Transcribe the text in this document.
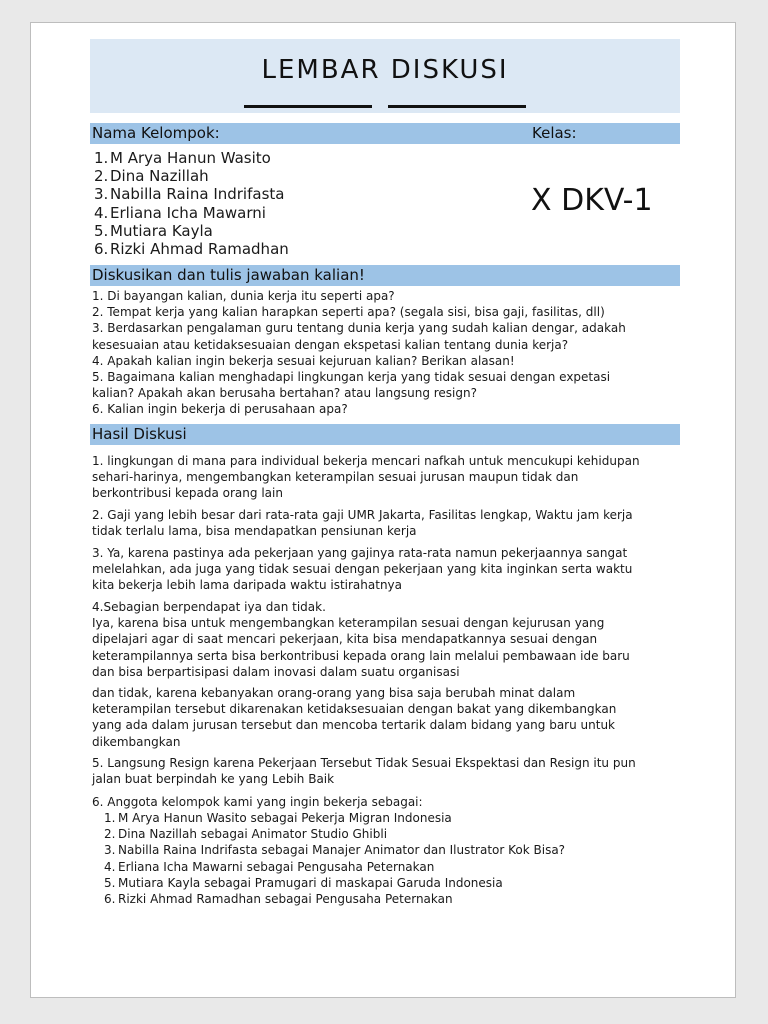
LEMBAR DISKUSI
Nama Kelompok:	Kelas:
1. M Arya Hanun Wasito
2. Dina Nazillah
3. Nabilla Raina Indrifasta
4. Erliana Icha Mawarni
5. Mutiara Kayla
6. Rizki Ahmad Ramadhan
X DKV-1
Diskusikan dan tulis jawaban kalian!
1. Di bayangan kalian, dunia kerja itu seperti apa?
2. Tempat kerja yang kalian harapkan seperti apa? (segala sisi, bisa gaji, fasilitas, dll)
3. Berdasarkan pengalaman guru tentang dunia kerja yang sudah kalian dengar, adakah
kesesuaian atau ketidaksesuaian dengan ekspetasi kalian tentang dunia kerja?
4. Apakah kalian ingin bekerja sesuai kejuruan kalian? Berikan alasan!
5. Bagaimana kalian menghadapi lingkungan kerja yang tidak sesuai dengan expetasi
kalian? Apakah akan berusaha bertahan? atau langsung resign?
6. Kalian ingin bekerja di perusahaan apa?
Hasil Diskusi
1. lingkungan di mana para individual bekerja mencari nafkah untuk mencukupi kehidupan
sehari-harinya, mengembangkan keterampilan sesuai jurusan maupun tidak dan
berkontribusi kepada orang lain
2. Gaji yang lebih besar dari rata-rata gaji UMR Jakarta, Fasilitas lengkap, Waktu jam kerja
tidak terlalu lama, bisa mendapatkan pensiunan kerja
3. Ya, karena pastinya ada pekerjaan yang gajinya rata-rata namun pekerjaannya sangat
melelahkan, ada juga yang tidak sesuai dengan pekerjaan yang kita inginkan serta waktu
kita bekerja lebih lama daripada waktu istirahatnya
4.Sebagian berpendapat iya dan tidak.
Iya, karena bisa untuk mengembangkan keterampilan sesuai dengan kejurusan yang
dipelajari agar di saat mencari pekerjaan, kita bisa mendapatkannya sesuai dengan
keterampilannya serta bisa berkontribusi kepada orang lain melalui pembawaan ide baru
dan bisa berpartisipasi dalam inovasi dalam suatu organisasi
dan tidak, karena kebanyakan orang-orang yang bisa saja berubah minat dalam
keterampilan tersebut dikarenakan ketidaksesuaian dengan bakat yang dikembangkan
yang ada dalam jurusan tersebut dan mencoba tertarik dalam bidang yang baru untuk
dikembangkan
5. Langsung Resign karena Pekerjaan Tersebut Tidak Sesuai Ekspektasi dan Resign itu pun
jalan buat berpindah ke yang Lebih Baik
6. Anggota kelompok kami yang ingin bekerja sebagai:
1. M Arya Hanun Wasito sebagai Pekerja Migran Indonesia
2. Dina Nazillah sebagai Animator Studio Ghibli
3. Nabilla Raina Indrifasta sebagai Manajer Animator dan Ilustrator Kok Bisa?
4. Erliana Icha Mawarni sebagai Pengusaha Peternakan
5. Mutiara Kayla sebagai Pramugari di maskapai Garuda Indonesia
6. Rizki Ahmad Ramadhan sebagai Pengusaha Peternakan
